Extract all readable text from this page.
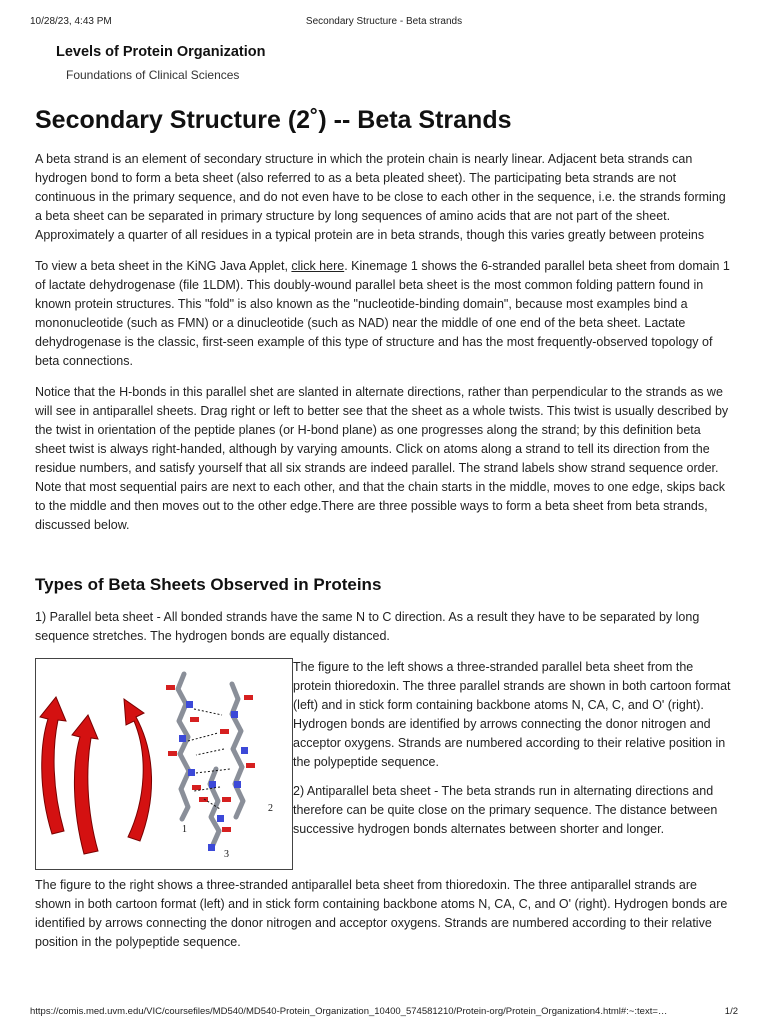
10/28/23, 4:43 PM	Secondary Structure - Beta strands
Levels of Protein Organization
Foundations of Clinical Sciences
Secondary Structure (2˚) -- Beta Strands

A beta strand is an element of secondary structure in which the protein chain is nearly linear. Adjacent beta strands can hydrogen bond to form a beta sheet (also referred to as a beta pleated sheet). The participating beta strands are not continuous in the primary sequence, and do not even have to be close to each other in the sequence, i.e. the strands forming a beta sheet can be separated in primary structure by long sequences of amino acids that are not part of the sheet. Approximately a quarter of all residues in a typical protein are in beta strands, though this varies greatly between proteins

To view a beta sheet in the KiNG Java Applet, click here. Kinemage 1 shows the 6-stranded parallel beta sheet from domain 1 of lactate dehydrogenase (file 1LDM). This doubly-wound parallel beta sheet is the most common folding pattern found in known protein structures. This "fold" is also known as the "nucleotide-binding domain", because most examples bind a mononucleotide (such as FMN) or a dinucleotide (such as NAD) near the middle of one end of the beta sheet. Lactate dehydrogenase is the classic, first-seen example of this type of structure and has the most frequently-observed topology of beta connections.

Notice that the H-bonds in this parallel shet are slanted in alternate directions, rather than perpendicular to the strands as we will see in antiparallel sheets. Drag right or left to better see that the sheet as a whole twists. This twist is usually described by the twist in orientation of the peptide planes (or H-bond plane) as one progresses along the strand; by this definition beta sheet twist is always right-handed, although by varying amounts. Click on atoms along a strand to tell its direction from the residue numbers, and satisfy yourself that all six strands are indeed parallel. The strand labels show strand sequence order. Note that most sequential pairs are next to each other, and that the chain starts in the middle, moves to one edge, skips back to the middle and then moves out to the other edge.There are three possible ways to form a beta sheet from beta strands, discussed below.

Types of Beta Sheets Observed in Proteins

1) Parallel beta sheet - All bonded strands have the same N to C direction. As a result they have to be separated by long sequence stretches. The hydrogen bonds are equally distanced.

1
2
3

The figure to the left shows a three-stranded parallel beta sheet from the protein thioredoxin. The three parallel strands are shown in both cartoon format (left) and in stick form containing backbone atoms N, CA, C, and O' (right). Hydrogen bonds are identified by arrows connecting the donor nitrogen and acceptor oxygens. Strands are numbered according to their relative position in the polypeptide sequence.

2) Antiparallel beta sheet - The beta strands run in alternating directions and therefore can be quite close on the primary sequence. The distance between successive hydrogen bonds alternates between shorter and longer.

The figure to the right shows a three-stranded antiparallel beta sheet from thioredoxin. The three antiparallel strands are shown in both cartoon format (left) and in stick form containing backbone atoms N, CA, C, and O' (right). Hydrogen bonds are identified by arrows connecting the donor nitrogen and acceptor oxygens. Strands are numbered according to their relative position in the polypeptide sequence.

https://comis.med.uvm.edu/VIC/coursefiles/MD540/MD540-Protein_Organization_10400_574581210/Protein-org/Protein_Organization4.html#:~:text=…	1/2
